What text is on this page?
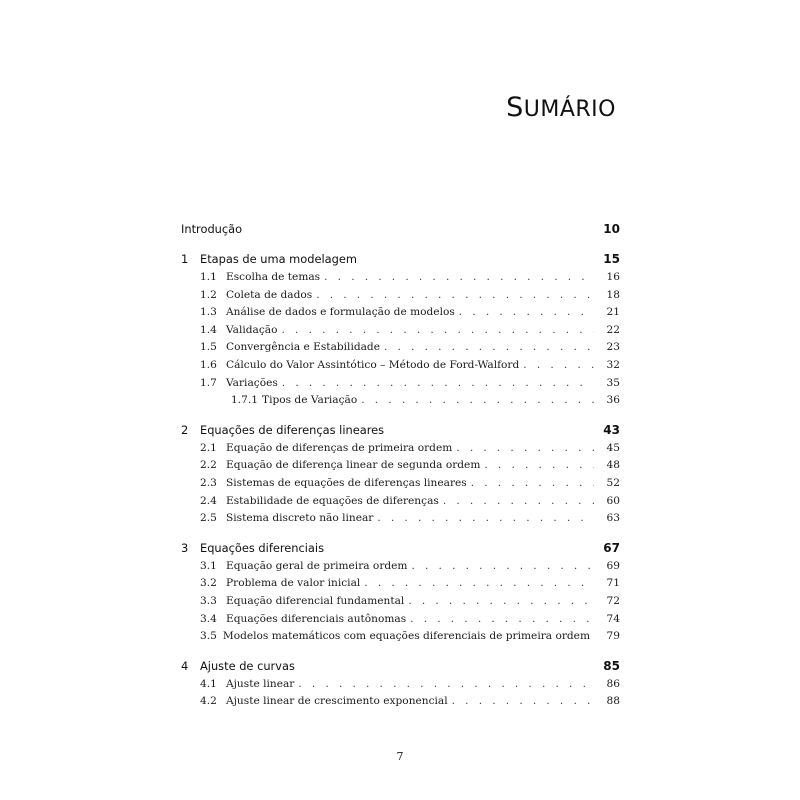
SUMÁRIO
Introdução	10
1	Etapas de uma modelagem	15
1.1 Escolha de temas . . .	16
1.2 Coleta de dados . . .	18
1.3 Análise de dados e formulação de modelos . . .	21
1.4 Validação . . .	22
1.5 Convergência e Estabilidade . . .	23
1.6 Cálculo do Valor Assintótico – Método de Ford-Walford . . .	32
1.7 Variações . . .	35
1.7.1 Tipos de Variação . . .	36
2	Equações de diferenças lineares	43
2.1 Equação de diferenças de primeira ordem . . .	45
2.2 Equação de diferença linear de segunda ordem . . .	48
2.3 Sistemas de equações de diferenças lineares . . .	52
2.4 Estabilidade de equações de diferenças . . .	60
2.5 Sistema discreto não linear . . .	63
3	Equações diferenciais	67
3.1 Equação geral de primeira ordem . . .	69
3.2 Problema de valor inicial . . .	71
3.3 Equação diferencial fundamental . . .	72
3.4 Equações diferenciais autônomas . . .	74
3.5 Modelos matemáticos com equações diferenciais de primeira ordem	79
4	Ajuste de curvas	85
4.1 Ajuste linear . . .	86
4.2 Ajuste linear de crescimento exponencial . . .	88
7
